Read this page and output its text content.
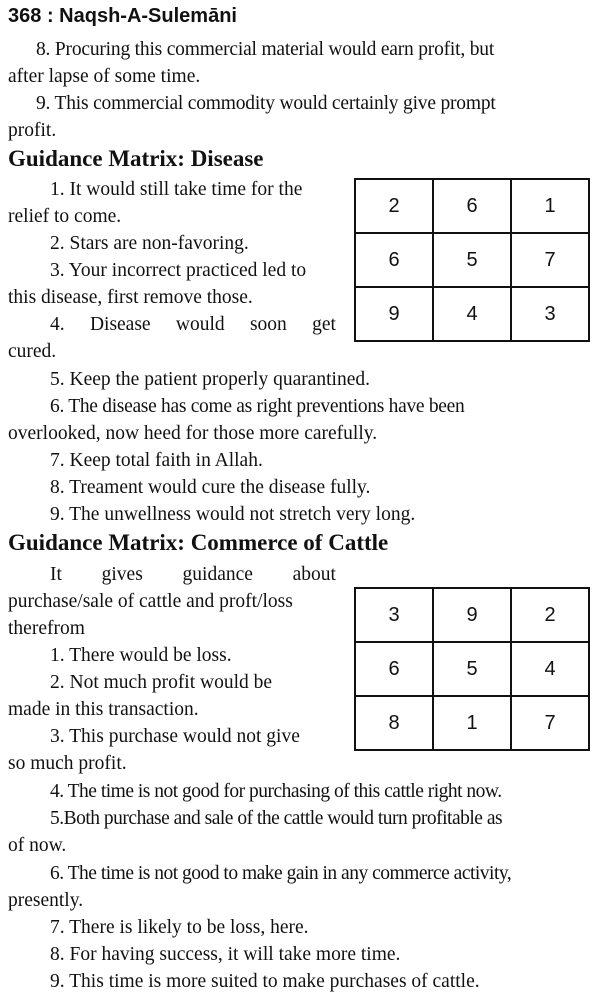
368 : Naqsh-A-Sulemāni
8. Procuring this commercial material would earn profit, but
after lapse of some time.
9. This commercial commodity would certainly give prompt
profit.
Guidance Matrix: Disease
2	6	1
6	5	7
9	4	3
1. It would still take time for the
relief to come.
2. Stars are non-favoring.
3. Your incorrect practiced led to
this disease, first remove those.
4. Disease would soon get
cured.
5. Keep the patient properly quarantined.
6. The disease has come as right preventions have been
overlooked, now heed for those more carefully.
7. Keep total faith in Allah.
8. Treament would cure the disease fully.
9. The unwellness would not stretch very long.
Guidance Matrix: Commerce of Cattle
3	9	2
6	5	4
8	1	7
It gives guidance about
purchase/sale of cattle and proft/loss
therefrom
1. There would be loss.
2. Not much profit would be
made in this transaction.
3. This purchase would not give
so much profit.
4. The time is not good for purchasing of this cattle right now.
5.Both purchase and sale of the cattle would turn profitable as
of now.
6. The time is not good to make gain in any commerce activity,
presently.
7. There is likely to be loss, here.
8. For having success, it will take more time.
9. This time is more suited to make purchases of cattle.
